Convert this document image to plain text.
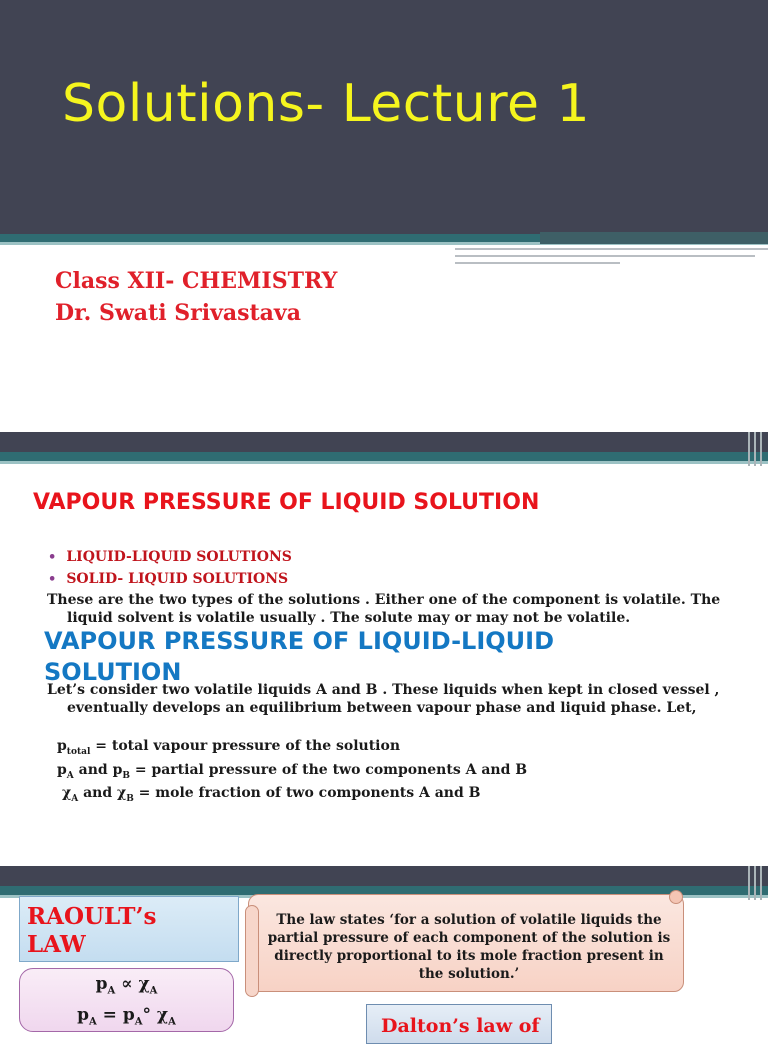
Solutions- Lecture 1

Class XII- CHEMISTRY

Dr. Swati Srivastava

VAPOUR PRESSURE OF LIQUID SOLUTION
• LIQUID-LIQUID SOLUTIONS
• SOLID- LIQUID SOLUTIONS

These are the two types of the solutions . Either one of the component is volatile. The liquid solvent is volatile usually . The solute may or may not be volatile.

VAPOUR PRESSURE OF LIQUID-LIQUID SOLUTION

Let’s consider two volatile liquids A and B . These liquids when kept in closed vessel , eventually develops an equilibrium between vapour phase and liquid phase. Let,

$p_{total}$ = total vapour pressure of the solution

$p_A$ and $p_B$ = partial pressure of the two components A and B

$\chi_A$ and $\chi_B$ = mole fraction of two components A and B

RAOULT’s
LAW
$p_A \propto \chi_A$
$p_A = p_A^\circ$ $\chi_A$

The law states ‘for a solution of volatile liquids the partial pressure of each component of the solution is directly proportional to its mole fraction present in the solution.’

Dalton’s law of
